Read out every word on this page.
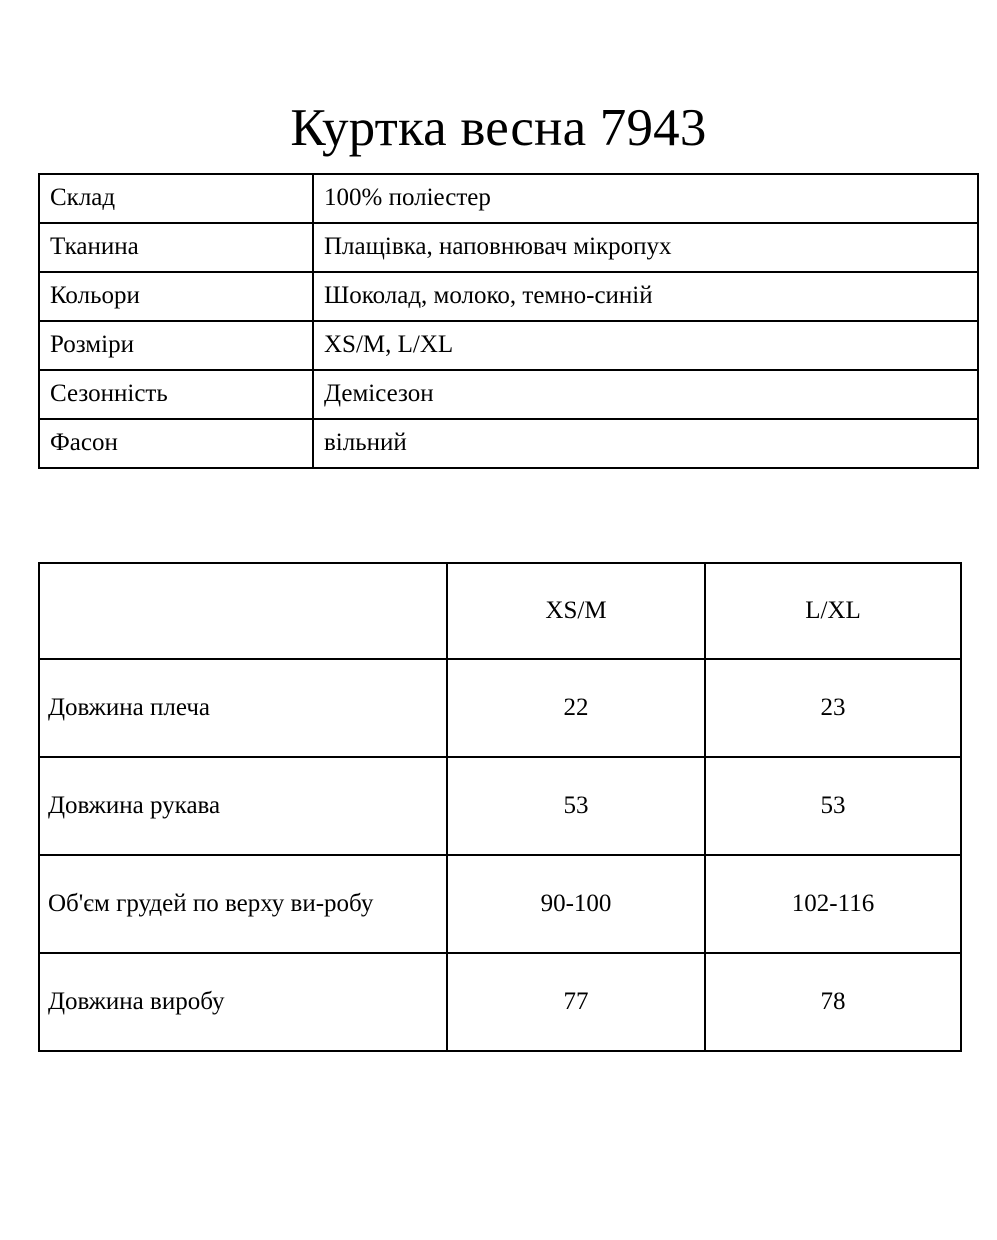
Куртка весна 7943
Склад	100% поліестер
Тканина	Плащівка, наповнювач мікропух
Кольори	Шоколад, молоко, темно-синій
Розміри	XS/M, L/XL
Сезонність	Демісезон
Фасон	вільний
	XS/M	L/XL

Довжина плеча	22	23

Довжина рукава	53	53

Об'єм грудей по верху ви-робу	90-100	102-116

Довжина виробу	77	78
